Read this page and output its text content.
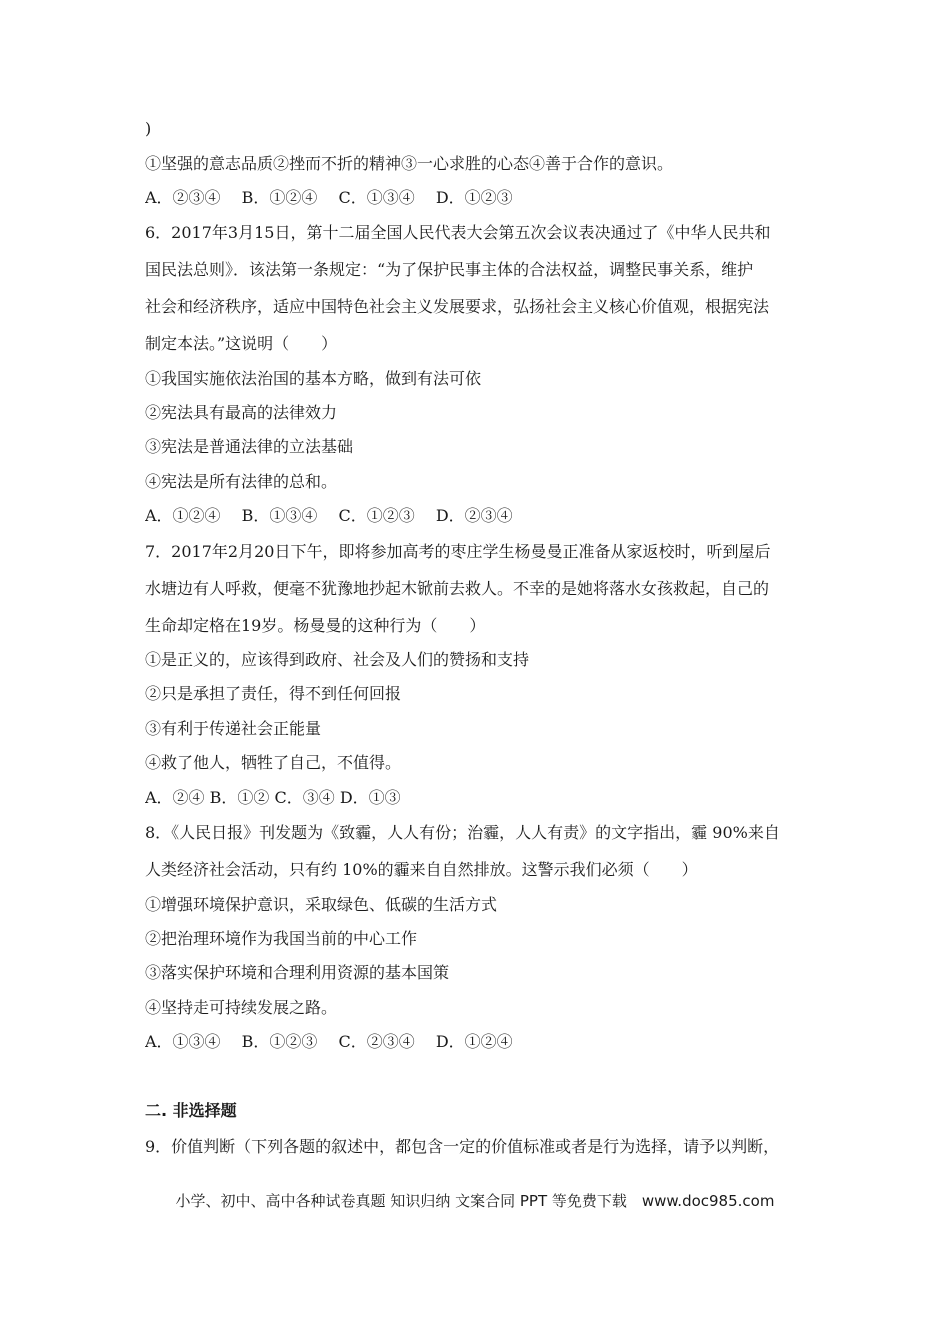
)
①坚强的意志品质②挫而不折的精神③一心求胜的心态④善于合作的意识。
A．②③④　 B．①②④　 C．①③④　 D．①②③
6．2017年3月15日，第十二届全国人民代表大会第五次会议表决通过了《中华人民共和
国民法总则》．该法第一条规定：“为了保护民事主体的合法权益，调整民事关系，维护
社会和经济秩序，适应中国特色社会主义发展要求，弘扬社会主义核心价值观，根据宪法
制定本法。”这说明（　　）
①我国实施依法治国的基本方略，做到有法可依
②宪法具有最高的法律效力
③宪法是普通法律的立法基础
④宪法是所有法律的总和。
A．①②④　 B．①③④　 C．①②③　 D．②③④
7．2017年2月20日下午，即将参加高考的枣庄学生杨曼曼正准备从家返校时，听到屋后
水塘边有人呼救，便毫不犹豫地抄起木锨前去救人。不幸的是她将落水女孩救起，自己的
生命却定格在19岁。杨曼曼的这种行为（　　）
①是正义的，应该得到政府、社会及人们的赞扬和支持
②只是承担了责任，得不到任何回报
③有利于传递社会正能量
④救了他人，牺牲了自己，不值得。
A．②④ B．①② C．③④ D．①③
8．《人民日报》刊发题为《致霾，人人有份；治霾，人人有责》的文字指出，霾 90%来自
人类经济社会活动，只有约 10%的霾来自自然排放。这警示我们必须（　　）
①增强环境保护意识，采取绿色、低碳的生活方式
②把治理环境作为我国当前的中心工作
③落实保护环境和合理利用资源的基本国策
④坚持走可持续发展之路。
A．①③④　 B．①②③　 C．②③④　 D．①②④
二. 非选择题
9．价值判断（下列各题的叙述中，都包含一定的价值标准或者是行为选择，请予以判断，
小学、初中、高中各种试卷真题 知识归纳 文案合同 PPT 等免费下载　www.doc985.com
